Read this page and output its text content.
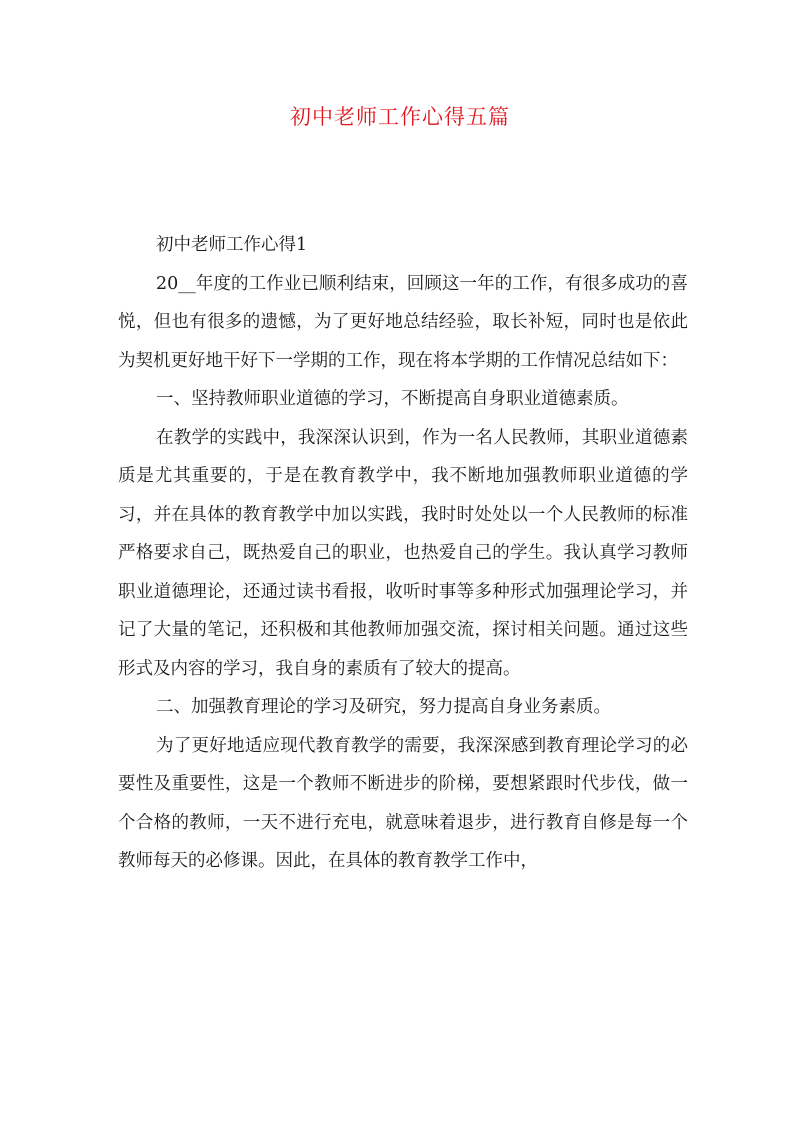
初中老师工作心得五篇

初中老师工作心得1

20__年度的工作业已顺利结束，回顾这一年的工作，有很多成功的喜悦，但也有很多的遗憾，为了更好地总结经验，取长补短，同时也是依此为契机更好地干好下一学期的工作，现在将本学期的工作情况总结如下：

一、坚持教师职业道德的学习，不断提高自身职业道德素质。

在教学的实践中，我深深认识到，作为一名人民教师，其职业道德素质是尤其重要的，于是在教育教学中，我不断地加强教师职业道德的学习，并在具体的教育教学中加以实践，我时时处处以一个人民教师的标准严格要求自己，既热爱自己的职业，也热爱自己的学生。我认真学习教师职业道德理论，还通过读书看报，收听时事等多种形式加强理论学习，并记了大量的笔记，还积极和其他教师加强交流，探讨相关问题。通过这些形式及内容的学习，我自身的素质有了较大的提高。

二、加强教育理论的学习及研究，努力提高自身业务素质。

为了更好地适应现代教育教学的需要，我深深感到教育理论学习的必要性及重要性，这是一个教师不断进步的阶梯，要想紧跟时代步伐，做一个合格的教师，一天不进行充电，就意味着退步，进行教育自修是每一个教师每天的必修课。因此，在具体的教育教学工作中，
